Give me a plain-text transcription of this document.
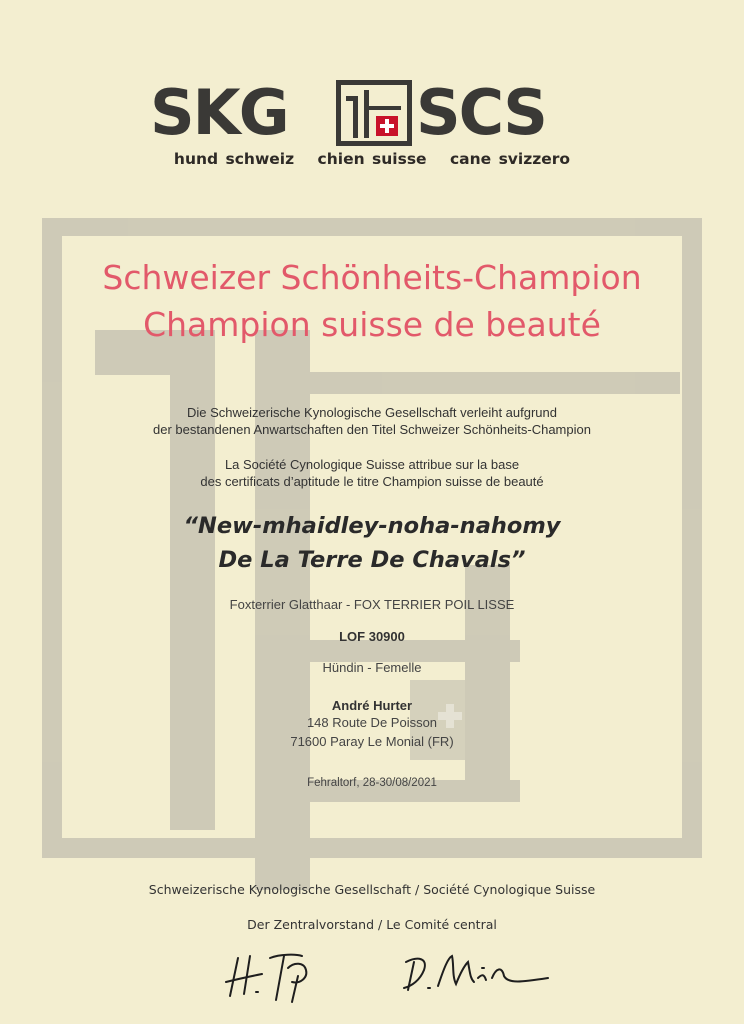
SKG SCS
hund schweiz chien suisse cane svizzero
Schweizer Schönheits-Champion
Champion suisse de beauté
Die Schweizerische Kynologische Gesellschaft verleiht aufgrund
der bestandenen Anwartschaften den Titel Schweizer Schönheits-Champion
La Société Cynologique Suisse attribue sur la base
des certificats d’aptitude le titre Champion suisse de beauté
“New-mhaidley-noha-nahomy
De La Terre De Chavals”
Foxterrier Glatthaar - FOX TERRIER POIL LISSE
LOF 30900
Hündin - Femelle
André Hurter
148 Route De Poisson
71600 Paray Le Monial (FR)
Fehraltorf, 28-30/08/2021
Schweizerische Kynologische Gesellschaft / Société Cynologique Suisse
Der Zentralvorstand / Le Comité central
